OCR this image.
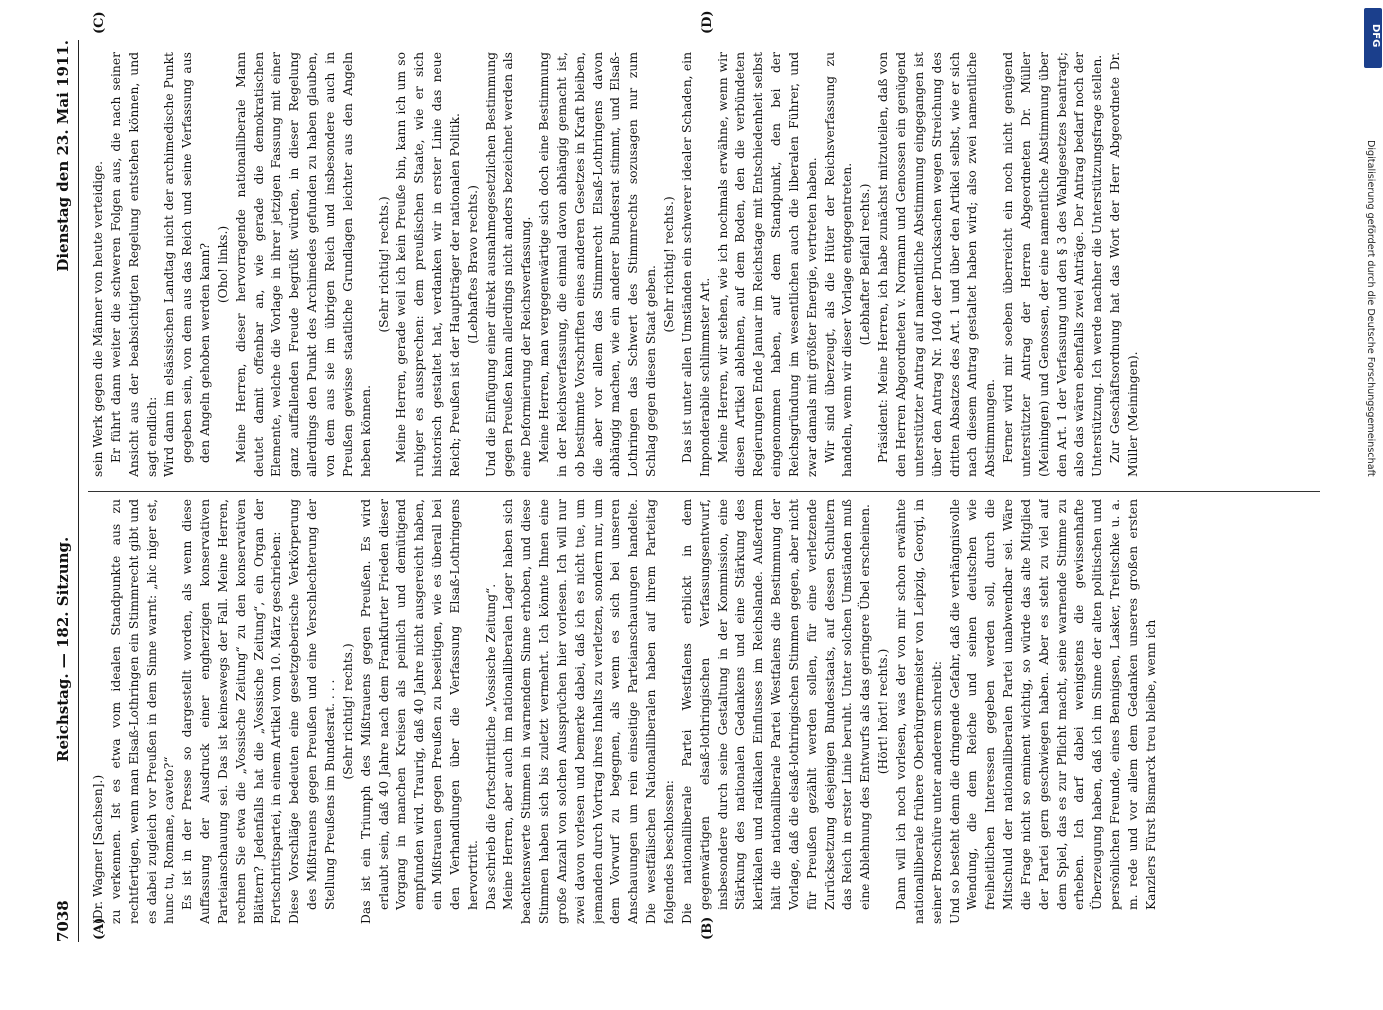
7038
Reichstag. — 182. Sitzung.
Dienstag den 23. Mai 1911.
(A)	(B)
(C)	(D)

(Dr. Wagner [Sachsen].) zu verkennen. Ist es etwa vom idealen Standpunkte aus zu rechtfertigen, wenn man Elsaß-Lothringen ein Stimmrecht gibt und es dabei zugleich vor Preußen in dem Sinne warnt: „hic niger est, hunc tu, Romane, caveto?“ Es ist in der Presse so dargestellt worden, als wenn diese Auffassung der Ausdruck einer engherzigen konservativen Parteianschauung sei. Das ist keineswegs der Fall. Meine Herren, rechnen Sie etwa die „Vossische Zeitung“ zu den konservativen Blättern? Jedenfalls hat die „Vossische Zeitung“, ein Organ der Fortschrittspartei, in einem Artikel vom 10. März geschrieben: Diese Vorschläge bedeuten eine gesetzgeberische Verkörperung des Mißtrauens gegen Preußen und eine Verschlechterung der Stellung Preußens im Bundesrat. . . . (Sehr richtig! rechts.) Das ist ein Triumph des Mißtrauens gegen Preußen. Es wird erlaubt sein, daß 40 Jahre nach dem Frankfurter Frieden dieser Vorgang in manchen Kreisen als peinlich und demütigend empfunden wird. Traurig, daß 40 Jahre nicht ausgereicht haben, ein Mißtrauen gegen Preußen zu beseitigen, wie es überall bei den Verhandlungen über die Verfassung Elsaß-Lothringens hervortritt. Das schrieb die fortschrittliche „Vossische Zeitung“. Meine Herren, aber auch im nationalliberalen Lager haben sich beachtenswerte Stimmen in warnendem Sinne erhoben, und diese Stimmen haben sich bis zuletzt vermehrt. Ich könnte Ihnen eine große Anzahl von solchen Aussprüchen hier vorlesen. Ich will nur zwei davon vorlesen und bemerke dabei, daß ich es nicht tue, um jemanden durch Vortrag ihres Inhalts zu verletzen, sondern nur, um dem Vorwurf zu begegnen, als wenn es sich bei unseren Anschauungen um rein einseitige Parteianschauungen handelte. Die westfälischen Nationalliberalen haben auf ihrem Parteitag folgendes beschlossen: Die nationalliberale Partei Westfalens erblickt in dem gegenwärtigen elsaß-lothringischen Verfassungsentwurf, insbesondere durch seine Gestaltung in der Kommission, eine Stärkung des nationalen Gedankens und eine Stärkung des klerikalen und radikalen Einflusses im Reichslande. Außerdem hält die nationalliberale Partei Westfalens die Bestimmung der Vorlage, daß die elsaß-lothringischen Stimmen gegen, aber nicht für Preußen gezählt werden sollen, für eine verletzende Zurücksetzung desjenigen Bundesstaats, auf dessen Schultern das Reich in erster Linie beruht. Unter solchen Umständen muß eine Ablehnung des Entwurfs als das geringere Übel erscheinen. (Hört! hört! rechts.) Dann will ich noch vorlesen, was der von mir schon erwähnte nationalliberale frühere Oberbürgermeister von Leipzig, Georgi, in seiner Broschüre unter anderem schreibt: Und so besteht denn die dringende Gefahr, daß die verhängnisvolle Wendung, die dem Reiche und seinen deutschen wie freiheitlichen Interessen gegeben werden soll, durch die Mitschuld der nationalliberalen Partei unabwendbar sei. Wäre die Frage nicht so eminent wichtig, so würde das alte Mitglied der Partei gern geschwiegen haben. Aber es steht zu viel auf dem Spiel, das es zur Pflicht macht, seine warnende Stimme zu erheben. Ich darf dabei wenigstens die gewissenhafte Überzeugung haben, daß ich im Sinne der alten politischen und persönlichen Freunde, eines Bennigsen, Lasker, Treitschke u. a. m. rede und vor allem dem Gedanken unseres großen ersten Kanzlers Fürst Bismarck treu bleibe, wenn ich

sein Werk gegen die Männer von heute verteidige. Er führt dann weiter die schweren Folgen aus, die nach seiner Ansicht aus der beabsichtigten Regelung entstehen können, und sagt endlich: Wird dann im elsässischen Landtag nicht der archimedische Punkt gegeben sein, von dem aus das Reich und seine Verfassung aus den Angeln gehoben werden kann? (Oho! links.) Meine Herren, dieser hervorragende nationalliberale Mann deutet damit offenbar an, wie gerade die demokratischen Elemente, welche die Vorlage in ihrer jetzigen Fassung mit einer ganz auffallenden Freude begrüßt würden, in dieser Regelung allerdings den Punkt des Archimedes gefunden zu haben glauben, von dem aus sie im übrigen Reich und insbesondere auch in Preußen gewisse staatliche Grundlagen leichter aus den Angeln heben können.

(Sehr richtig! rechts.) Meine Herren, gerade weil ich kein Preuße bin, kann ich um so ruhiger es aussprechen: dem preußischen Staate, wie er sich historisch gestaltet hat, verdanken wir in erster Linie das neue Reich; Preußen ist der Hauptträger der nationalen Politik. (Lebhaftes Bravo rechts.) Und die Einfügung einer direkt ausnahmegesetzlichen Bestimmung gegen Preußen kann allerdings nicht anders bezeichnet werden als eine Deformierung der Reichsverfassung. Meine Herren, man vergegenwärtige sich doch eine Bestimmung in der Reichsverfassung, die einmal davon abhängig gemacht ist, ob bestimmte Vorschriften eines anderen Gesetzes in Kraft bleiben, die aber vor allem das Stimmrecht Elsaß-Lothringens davon abhängig machen, wie ein anderer Bundesrat stimmt, und Elsaß-Lothringen das Schwert des Stimmrechts sozusagen nur zum Schlag gegen diesen Staat geben.

(Sehr richtig! rechts.) Das ist unter allen Umständen ein schwerer idealer Schaden, ein Imponderabile schlimmster Art. Meine Herren, wir stehen, wie ich nochmals erwähne, wenn wir diesen Artikel ablehnen, auf dem Boden, den die verbündeten Regierungen Ende Januar im Reichstage mit Entschiedenheit selbst eingenommen haben, auf dem Standpunkt, den bei der Reichsgründung im wesentlichen auch die liberalen Führer, und zwar damals mit größter Energie, vertreten haben. Wir sind überzeugt, als die Hüter der Reichsverfassung zu handeln, wenn wir dieser Vorlage entgegentreten. (Lebhafter Beifall rechts.) Präsident: Meine Herren, ich habe zunächst mitzuteilen, daß von den Herren Abgeordneten v. Normann und Genossen ein genügend unterstützter Antrag auf namentliche Abstimmung eingegangen ist über den Antrag Nr. 1040 der Drucksachen wegen Streichung des dritten Absatzes des Art. 1 und über den Artikel selbst, wie er sich nach diesem Antrag gestaltet haben wird; also zwei namentliche Abstimmungen. Ferner wird mir soeben überreicht ein noch nicht genügend unterstützter Antrag der Herren Abgeordneten Dr. Müller (Meiningen) und Genossen, der eine namentliche Abstimmung über den Art. 1 der Verfassung und den § 3 des Wahlgesetzes beantragt; also das wären ebenfalls zwei Anträge. Der Antrag bedarf noch der Unterstützung. Ich werde nachher die Unterstützungsfrage stellen. Zur Geschäftsordnung hat das Wort der Herr Abgeordnete Dr. Müller (Meiningen).

DFG
Digitalisierung gefördert durch die Deutsche Forschungsgemeinschaft
